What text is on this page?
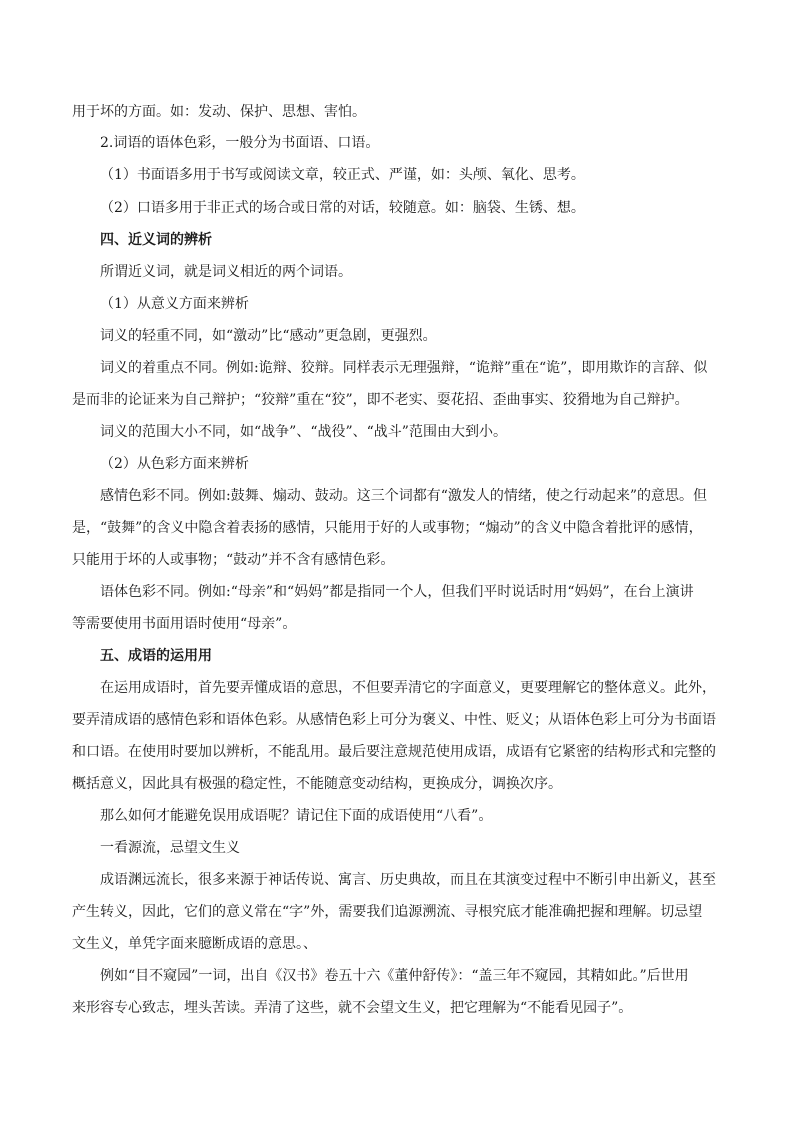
用于坏的方面。如：发动、保护、思想、害怕。
2.词语的语体色彩，一般分为书面语、口语。
（1）书面语多用于书写或阅读文章，较正式、严谨，如：头颅、氧化、思考。
（2）口语多用于非正式的场合或日常的对话，较随意。如：脑袋、生锈、想。
四、近义词的辨析
所谓近义词，就是词义相近的两个词语。
（1）从意义方面来辨析
词义的轻重不同，如“激动”比“感动”更急剧，更强烈。
词义的着重点不同。例如:诡辩、狡辩。同样表示无理强辩，“诡辩”重在“诡”，即用欺诈的言辞、似
是而非的论证来为自己辩护；“狡辩”重在“狡”，即不老实、耍花招、歪曲事实、狡猾地为自己辩护。
词义的范围大小不同，如“战争”、“战役”、“战斗”范围由大到小。
（2）从色彩方面来辨析
感情色彩不同。例如:鼓舞、煽动、鼓动。这三个词都有“激发人的情绪，使之行动起来”的意思。但
是，“鼓舞”的含义中隐含着表扬的感情，只能用于好的人或事物；“煽动”的含义中隐含着批评的感情，
只能用于坏的人或事物；“鼓动”并不含有感情色彩。
语体色彩不同。例如:“母亲”和“妈妈”都是指同一个人，但我们平时说话时用“妈妈”，在台上演讲
等需要使用书面用语时使用“母亲”。
五、成语的运用用
在运用成语时，首先要弄懂成语的意思，不但要弄清它的字面意义，更要理解它的整体意义。此外，
要弄清成语的感情色彩和语体色彩。从感情色彩上可分为褒义、中性、贬义；从语体色彩上可分为书面语
和口语。在使用时要加以辨析，不能乱用。最后要注意规范使用成语，成语有它紧密的结构形式和完整的
概括意义，因此具有极强的稳定性，不能随意变动结构，更换成分，调换次序。
那么如何才能避免误用成语呢？请记住下面的成语使用“八看”。
一看源流，忌望文生义
成语渊远流长，很多来源于神话传说、寓言、历史典故，而且在其演变过程中不断引申出新义，甚至
产生转义，因此，它们的意义常在“字”外，需要我们追源溯流、寻根究底才能准确把握和理解。切忌望
文生义，单凭字面来臆断成语的意思。、
例如“目不窥园”一词，出自《汉书》卷五十六《董仲舒传》：“盖三年不窥园，其精如此。”后世用
来形容专心致志，埋头苦读。弄清了这些，就不会望文生义，把它理解为“不能看见园子”。
